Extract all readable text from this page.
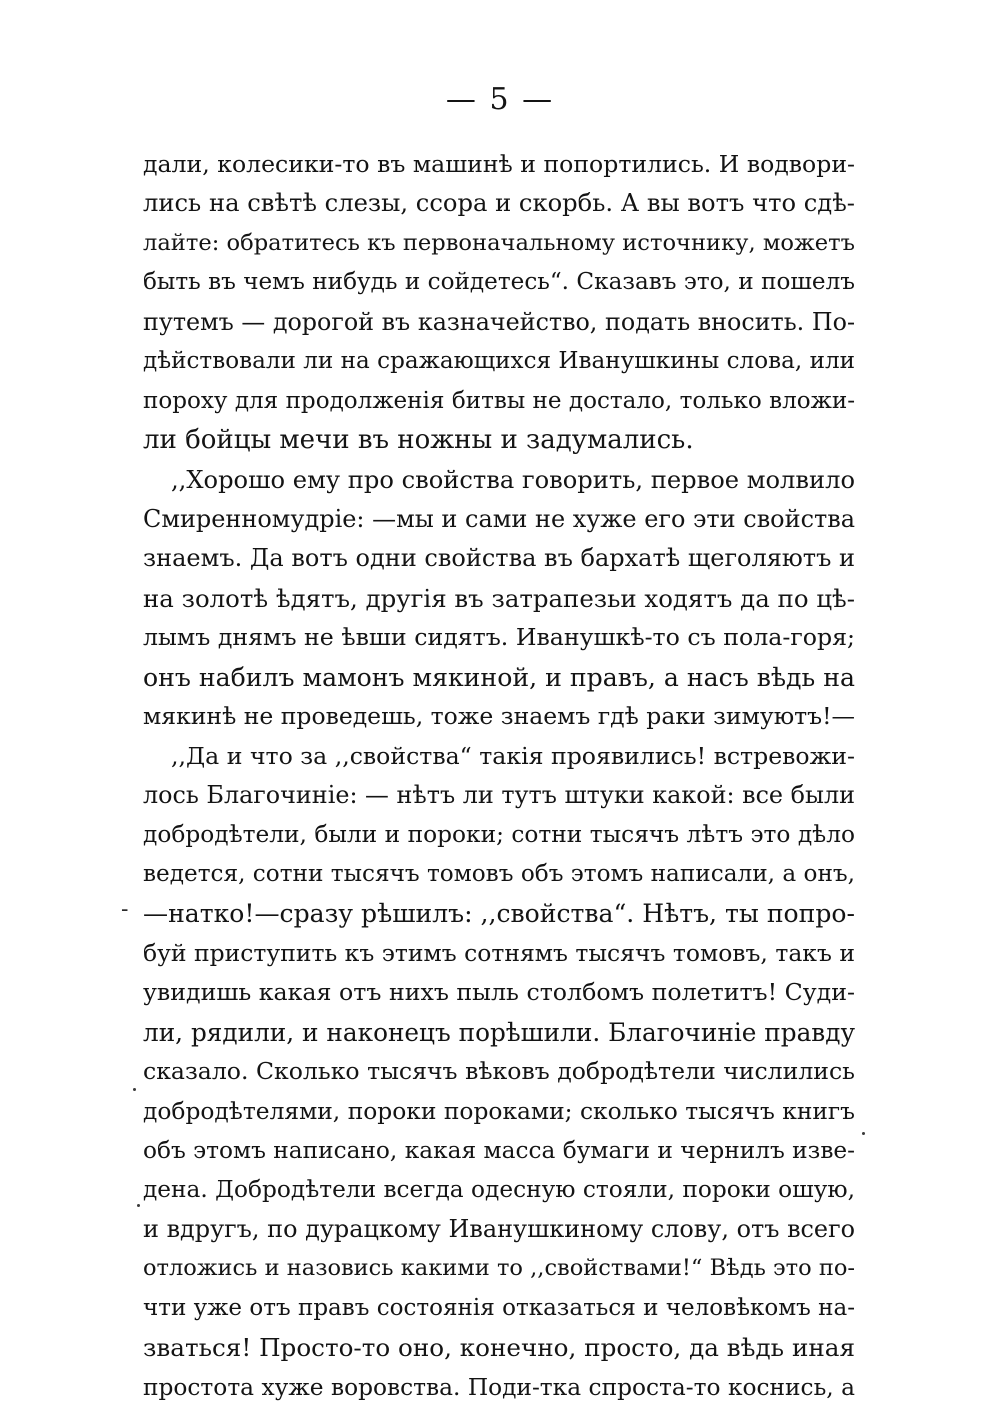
— 5 —
-
дали, колесики-то въ машинѣ и попортились. И водвори-
лись на свѣтѣ слезы, ссора и скорбь. А вы вотъ что сдѣ-
лайте: обратитесь къ первоначальному источнику, можетъ
быть въ чемъ нибудь и сойдетесь“. Сказавъ это, и пошелъ
путемъ — дорогой въ казначейство, подать вносить. По-
дѣйствовали ли на сражающихся Иванушкины слова, или
пороху для продолженія битвы не достало, только вложи-
ли бойцы мечи въ ножны и задумались.
,,Хорошо ему про свойства говорить, первое молвило
Смиренномудріе: —мы и сами не хуже его эти свойства
знаемъ. Да вотъ одни свойства въ бархатѣ щеголяютъ и
на золотѣ ѣдятъ, другія въ затрапезьи ходятъ да по цѣ-
лымъ днямъ не ѣвши сидятъ. Иванушкѣ-то съ пола-горя;
онъ набилъ мамонъ мякиной, и правъ, а насъ вѣдь на
мякинѣ не проведешь, тоже знаемъ гдѣ раки зимуютъ!—
,,Да и что за ,,свойства“ такія проявились! встревожи-
лось Благочиніе: — нѣтъ ли тутъ штуки какой: все были
добродѣтели, были и пороки; сотни тысячъ лѣтъ это дѣло
ведется, сотни тысячъ томовъ объ этомъ написали, а онъ,
—натко!—сразу рѣшилъ: ,,свойства“. Нѣтъ, ты попро-
буй приступить къ этимъ сотнямъ тысячъ томовъ, такъ и
увидишь какая отъ нихъ пыль столбомъ полетитъ! Суди-
ли, рядили, и наконецъ порѣшили. Благочиніе правду
сказало. Сколько тысячъ вѣковъ добродѣтели числились
добродѣтелями, пороки пороками; сколько тысячъ книгъ
объ этомъ написано, какая масса бумаги и чернилъ изве-
дена. Добродѣтели всегда одесную стояли, пороки ошую,
и вдругъ, по дурацкому Иванушкиному слову, отъ всего
отложись и назовись какими то ,,свойствами!“ Вѣдь это по-
чти уже отъ правъ состоянія отказаться и человѣкомъ на-
зваться! Просто-то оно, конечно, просто, да вѣдь иная
простота хуже воровства. Поди-тка спроста-то коснись, а
